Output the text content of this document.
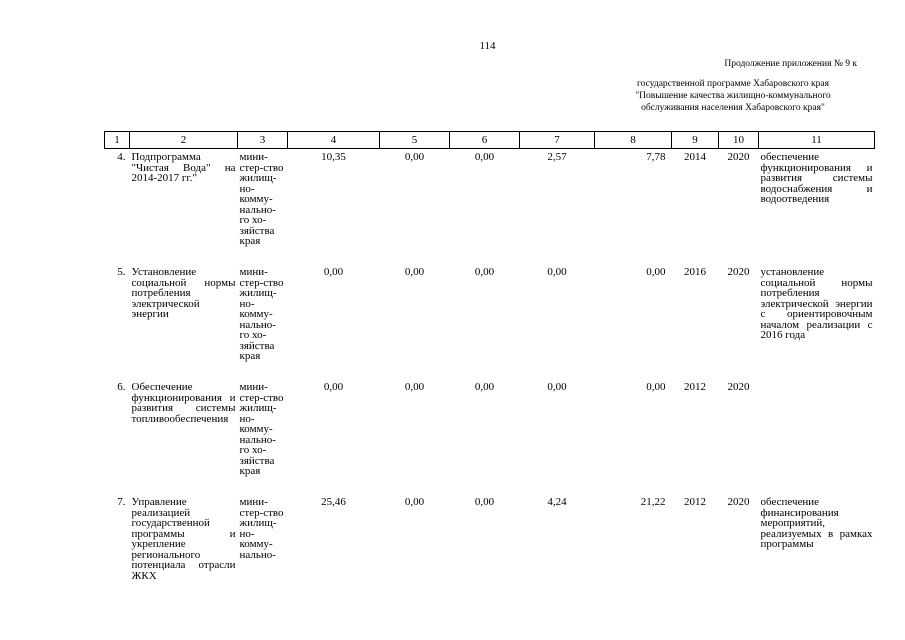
114
Продолжение приложения № 9 к
государственной программе Хабаровского края
"Повышение качества жилищно-коммунального
обслуживания населения Хабаровского края"
1	2	3	4	5	6	7	8	9	10	11
4.	Подпрограмма "Чистая Вода" на 2014-2017 гг."	мини-стер-ство жилищ-но-комму-нально-го хо-зяйства края	10,35	0,00	0,00	2,57	7,78	2014	2020	обеспечение функционирования и развития системы водоснабжения и водоотведения
5.	Установление социальной нормы потребления электрической энергии	мини-стер-ство жилищ-но-комму-нально-го хо-зяйства края	0,00	0,00	0,00	0,00	0,00	2016	2020	установление социальной нормы потребления электрической энергии с ориентировочным началом реализации с 2016 года
6.	Обеспечение функционирования и развития системы топливообеспечения	мини-стер-ство жилищ-но-комму-нально-го хо-зяйства края	0,00	0,00	0,00	0,00	0,00	2012	2020	
7.	Управление реализацией государственной программы и укрепление регионального потенциала отрасли ЖКХ	мини-стер-ство жилищ-но-комму-нально-	25,46	0,00	0,00	4,24	21,22	2012	2020	обеспечение финансирования мероприятий, реализуемых в рамках программы
